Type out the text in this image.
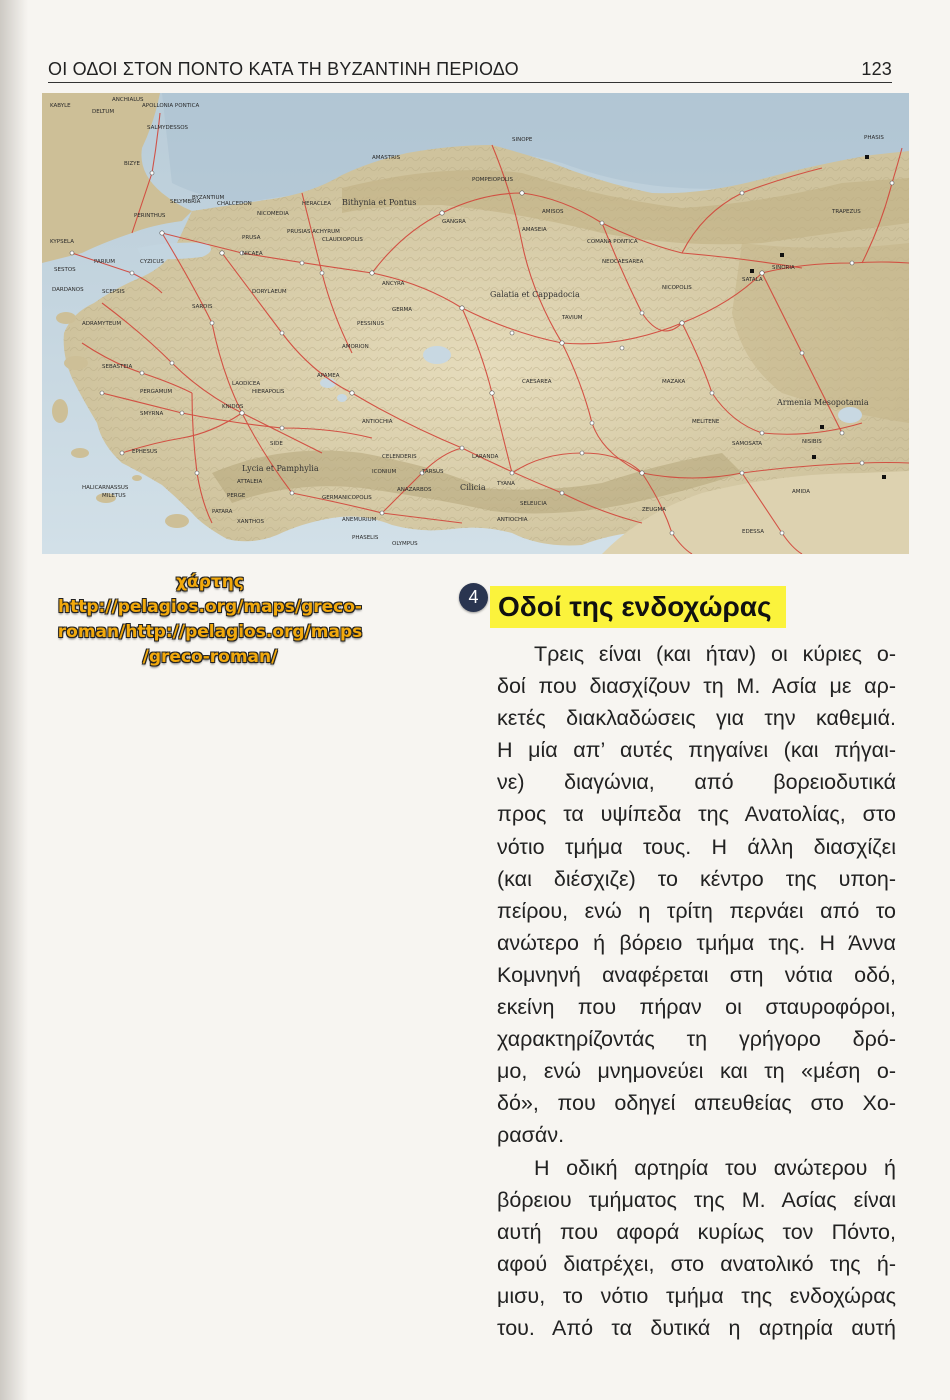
ΟΙ ΟΔΟΙ ΣΤΟΝ ΠΟΝΤΟ ΚΑΤΑ ΤΗ ΒΥΖΑΝΤΙΝΗ ΠΕΡΙΟΔΟ	123
Bithynia et Pontus
Galatia et Cappadocia
Armenia Mesopotamia
Lycia et Pamphylia
Cilicia
ANCHIALUS
APOLLONIA PONTICA
DELTUM
KABYLE
SALMYDESSOS
BIZYE
SELYMBRIA
BYZANTIUM
CHALCEDON
NICOMEDIA
PERINTHUS
PRUSIAS ACHYRUM
PRUSA
NICAEA
KYPSELA
SESTOS
CYZICUS
PARIUM
DARDANOS	SCEPSIS
ADRAMYTEUM
CLAUDIOPOLIS
HERACLEA
AMASTRIS
SINOPE
POMPEIOPOLIS
GANGRA
AMASEIA
AMISOS
COMANA PONTICA
NEOCAESAREA
NICOPOLIS
SATALA
SINORIA
TRAPEZUS
PHASIS
DORYLAEUM
ANCYRA
GERMA
PESSINUS
AMORION
TAVIUM
SEBASTEIA
SARDIS
PERGAMUM
SMYRNA
EPHESUS
MILETUS
HALICARNASSUS
KNIDOS
LAODICEA
HIERAPOLIS
APAMEA
ANTIOCHIA
ICONIUM
LARANDA
TYANA
CAESAREA	MAZAKA
MELITENE
SAMOSATA
EDESSA
AMIDA
NISIBIS
ZEUGMA
ANTIOCHIA
SELEUCIA
TARSUS
ANAZARBOS
GERMANICOPOLIS
SIDE
ATTALEIA
PERGE
PATARA
XANTHOS
PHASELIS
OLYMPUS
ANEMURIUM
CELENDERIS
χάρτης
http://pelagios.org/maps/greco-
roman/http://pelagios.org/maps
/greco-roman/
4 Οδοί της ενδοχώρας
Τρεις είναι (και ήταν) οι κύριες ο-
δοί που διασχίζουν τη Μ. Ασία με αρ-
κετές διακλαδώσεις για την καθεμιά.
Η μία απ’ αυτές πηγαίνει (και πήγαι-
νε) διαγώνια, από βορειοδυτικά
προς τα υψίπεδα της Ανατολίας, στο
νότιο τμήμα τους. Η άλλη διασχίζει
(και διέσχιζε) το κέντρο της υποη-
πείρου, ενώ η τρίτη περνάει από το
ανώτερο ή βόρειο τμήμα της. Η Άννα
Κομνηνή αναφέρεται στη νότια οδό,
εκείνη που πήραν οι σταυροφόροι,
χαρακτηρίζοντάς τη γρήγορο δρό-
μο, ενώ μνημονεύει και τη «μέση ο-
δό», που οδηγεί απευθείας στο Χο-
ρασάν.
Η οδική αρτηρία του ανώτερου ή
βόρειου τμήματος της Μ. Ασίας είναι
αυτή που αφορά κυρίως τον Πόντο,
αφού διατρέχει, στο ανατολικό της ή-
μισυ, το νότιο τμήμα της ενδοχώρας
του. Από τα δυτικά η αρτηρία αυτή
